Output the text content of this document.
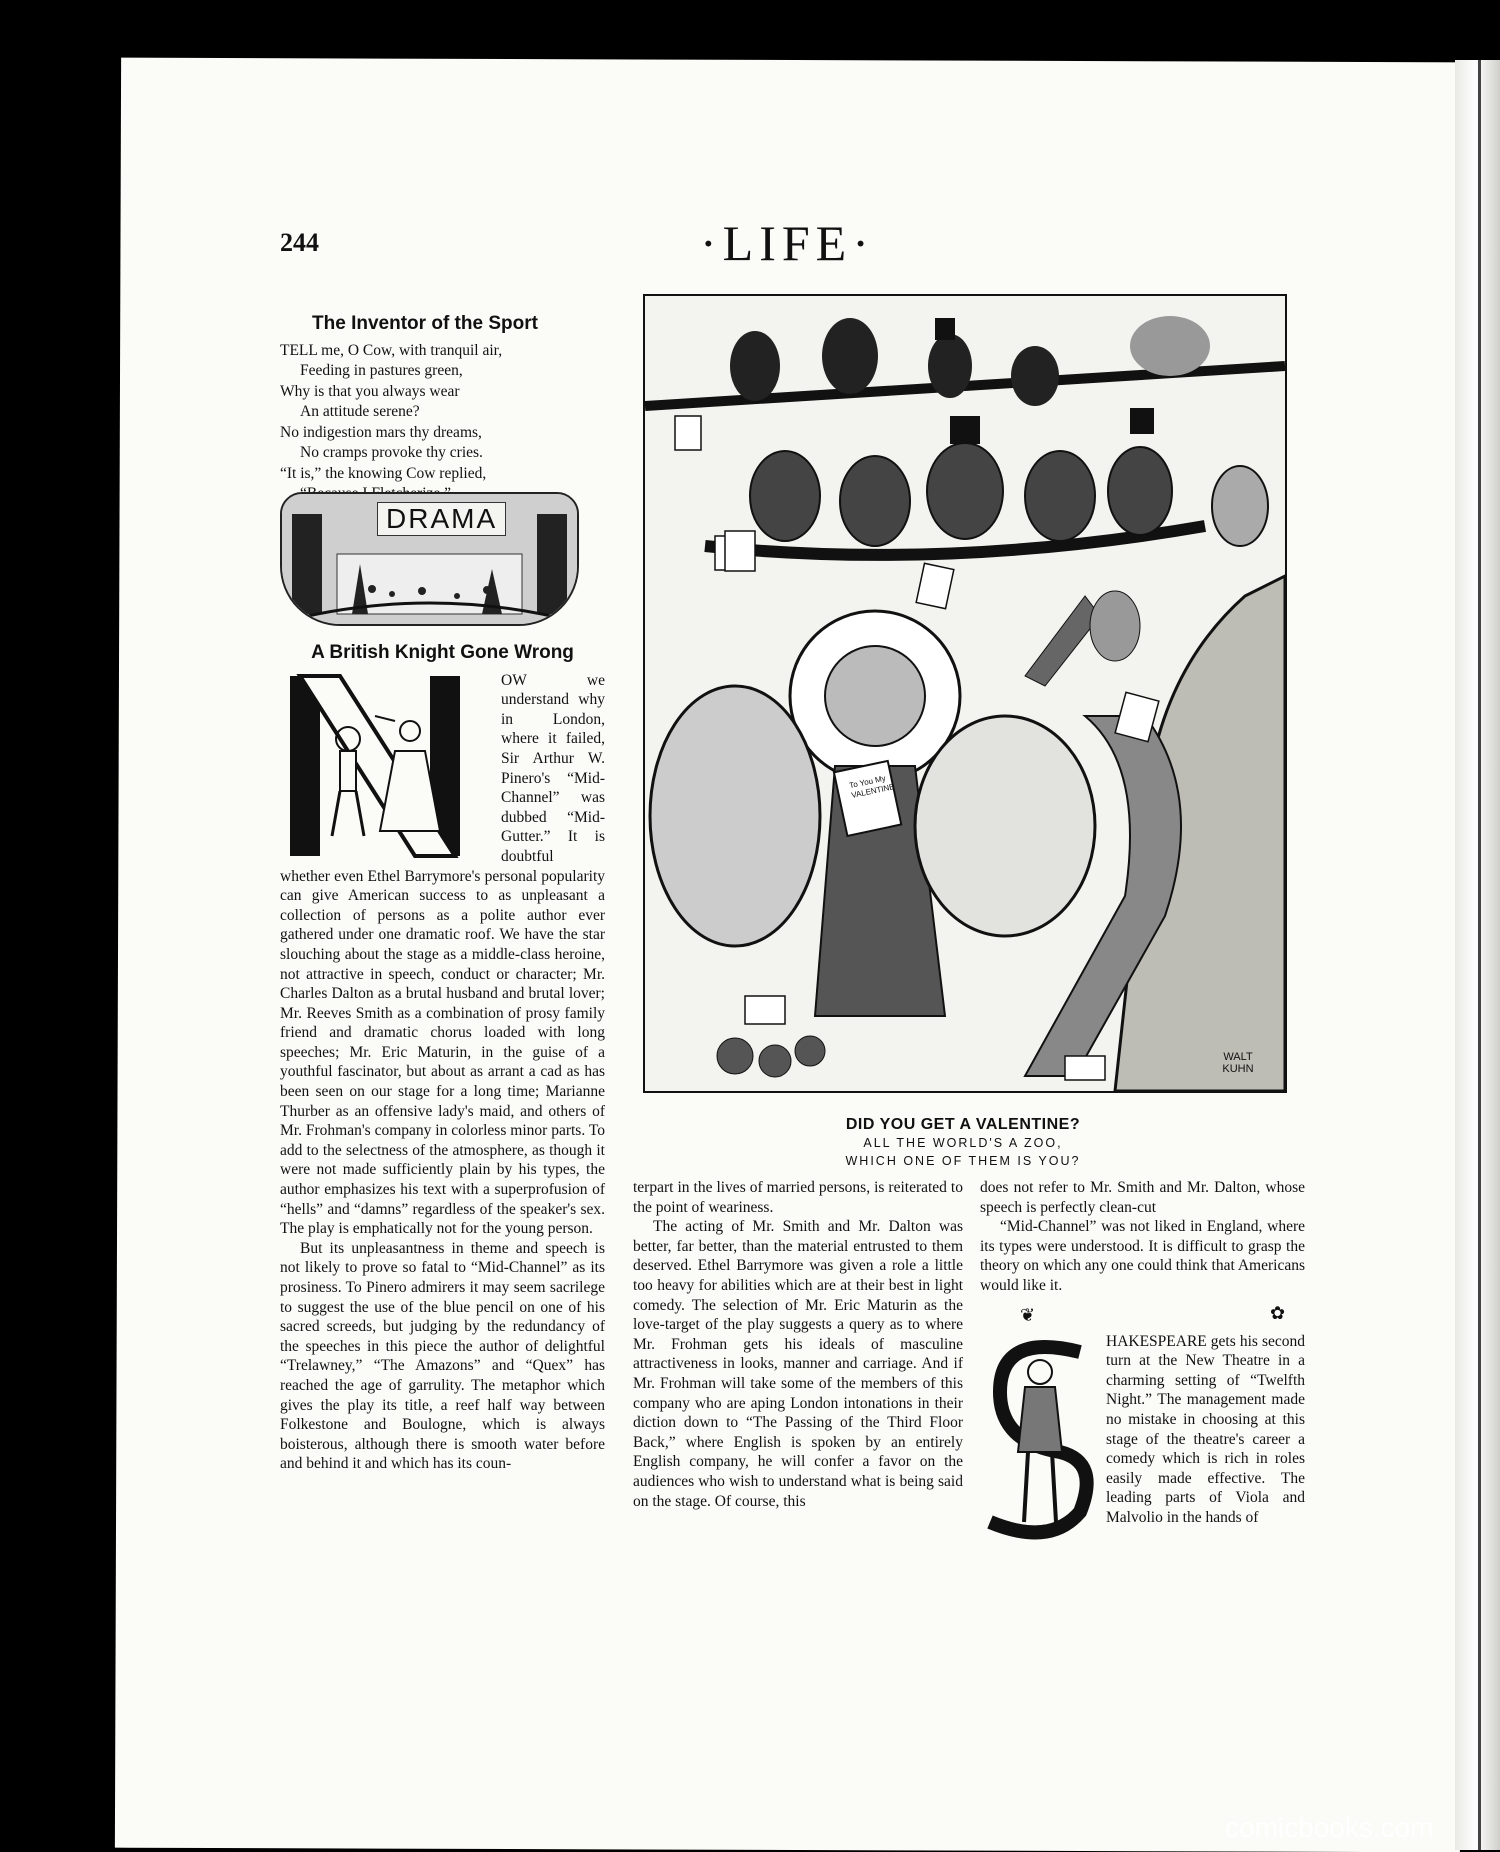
244	·LIFE·
The Inventor of the Sport
TELL me, O Cow, with tranquil air,
Feeding in pastures green,
Why is that you always wear
An attitude serene?
No indigestion mars thy dreams,
No cramps provoke thy cries.
“It is,” the knowing Cow replied,
DRAMA
A British Knight Gone Wrong

OW we understand why in London, where it failed, Sir Arthur W. Pinero's “Mid-Channel” was dubbed “Mid-Gutter.” It is doubtful whether even Ethel Barrymore's personal popularity can give American success to as unpleasant a collection of persons as a polite author ever gathered under one dramatic roof. We have the star slouching about the stage as a middle-class heroine, not attractive in speech, conduct or character; Mr. Charles Dalton as a brutal husband and brutal lover; Mr. Reeves Smith as a combination of prosy family friend and dramatic chorus loaded with long speeches; Mr. Eric Maturin, in the guise of a youthful fascinator, but about as arrant a cad as has been seen on our stage for a long time; Marianne Thurber as an offensive lady's maid, and others of Mr. Frohman's company in colorless minor parts. To add to the selectness of the atmosphere, as though it were not made sufficiently plain by his types, the author emphasizes his text with a superprofusion of “hells” and “damns” regardless of the speaker's sex. The play is emphatically not for the young person.

But its unpleasantness in theme and speech is not likely to prove so fatal to “Mid-Channel” as its prosiness. To Pinero admirers it may seem sacrilege to suggest the use of the blue pencil on one of his sacred screeds, but judging by the redundancy of the speeches in this piece the author of delightful “Trelawney,” “The Amazons” and “Quex” has reached the age of garrulity. The metaphor which gives the play its title, a reef half way between Folkestone and Boulogne, which is always boisterous, although there is smooth water before and behind it and which has its coun-

WALT KUHN
To You My VALENTINE
DID YOU GET A VALENTINE?
ALL THE WORLD'S A ZOO,
WHICH ONE OF THEM IS YOU?

terpart in the lives of married persons, is reiterated to the point of weariness.

The acting of Mr. Smith and Mr. Dalton was better, far better, than the material entrusted to them deserved. Ethel Barrymore was given a role a little too heavy for abilities which are at their best in light comedy. The selection of Mr. Eric Maturin as the love-target of the play suggests a query as to where Mr. Frohman gets his ideals of masculine attractiveness in looks, manner and carriage. And if Mr. Frohman will take some of the members of this company who are aping London intonations in their diction down to “The Passing of the Third Floor Back,” where English is spoken by an entirely English company, he will confer a favor on the audiences who wish to understand what is being said on the stage. Of course, this

does not refer to Mr. Smith and Mr. Dalton, whose speech is perfectly clean-cut

“Mid-Channel” was not liked in England, where its types were understood. It is difficult to grasp the theory on which any one could think that Americans would like it.

❦	✿

HAKESPEARE gets his second turn at the New Theatre in a charming setting of “Twelfth Night.” The management made no mistake in choosing at this stage of the theatre's career a comedy which is rich in roles easily made effective. The leading parts of Viola and Malvolio in the hands of

comicbooks.com
